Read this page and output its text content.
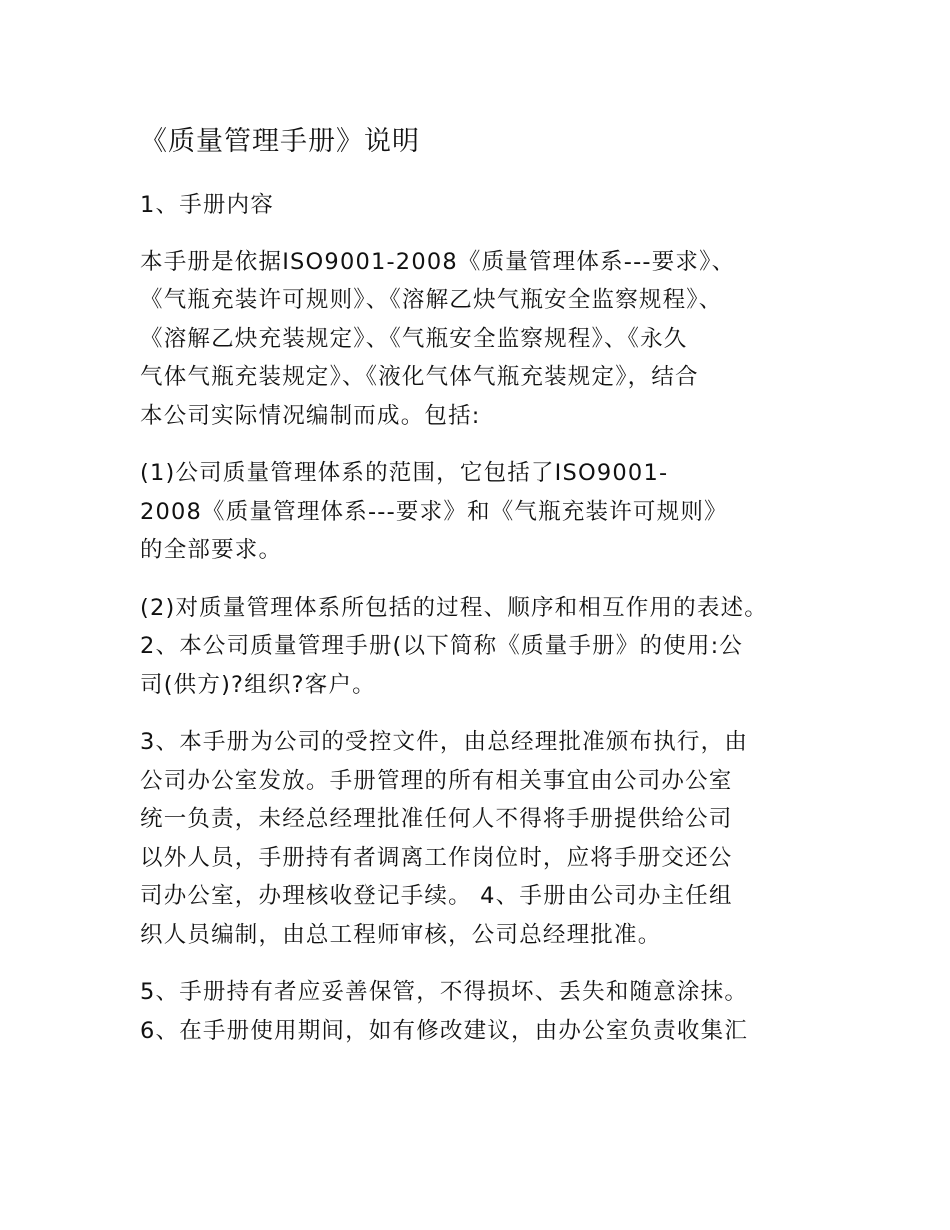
《质量管理手册》说明

1、手册内容

本手册是依据ISO9001-2008《质量管理体系---要求》、
《气瓶充装许可规则》、《溶解乙炔气瓶安全监察规程》、
《溶解乙炔充装规定》、《气瓶安全监察规程》、《永久
气体气瓶充装规定》、《液化气体气瓶充装规定》，结合
本公司实际情况编制而成。包括:

(1)公司质量管理体系的范围，它包括了ISO9001-
2008《质量管理体系---要求》和《气瓶充装许可规则》
的全部要求。

(2)对质量管理体系所包括的过程、顺序和相互作用的表述。
2、本公司质量管理手册(以下简称《质量手册》的使用:公
司(供方)?组织?客户。

3、本手册为公司的受控文件，由总经理批准颁布执行，由
公司办公室发放。手册管理的所有相关事宜由公司办公室
统一负责，未经总经理批准任何人不得将手册提供给公司
以外人员，手册持有者调离工作岗位时，应将手册交还公
司办公室，办理核收登记手续。 4、手册由公司办主任组
织人员编制，由总工程师审核，公司总经理批准。

5、手册持有者应妥善保管，不得损坏、丢失和随意涂抹。
6、在手册使用期间，如有修改建议，由办公室负责收集汇
